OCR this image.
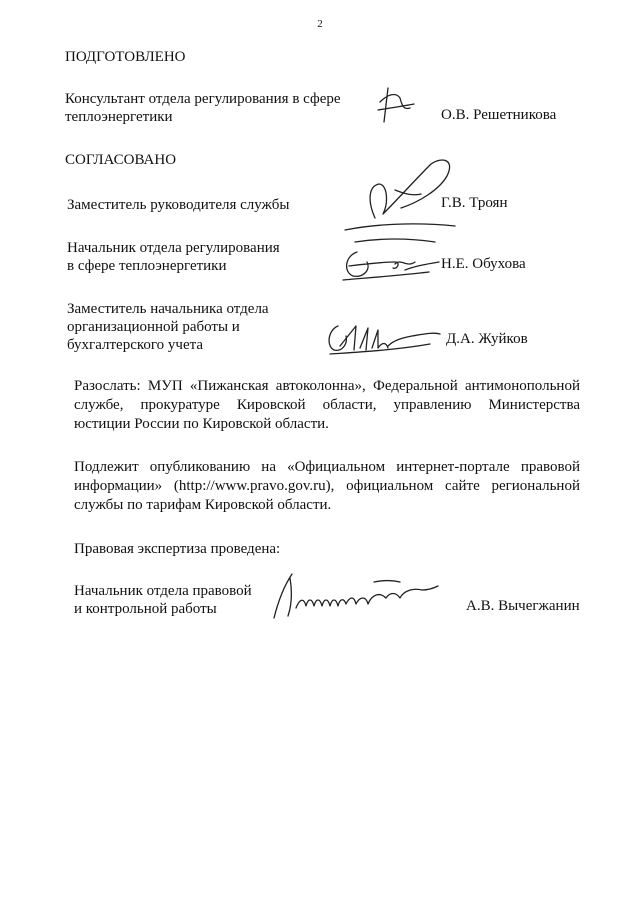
2
ПОДГОТОВЛЕНО
Консультант отдела регулирования в сфере
теплоэнергетики	О.В. Решетникова
СОГЛАСОВАНО
Заместитель руководителя службы	Г.В. Троян
Начальник отдела регулирования
в сфере теплоэнергетики	Н.Е. Обухова
Заместитель начальника отдела
организационной работы и
бухгалтерского учета	Д.А. Жуйков
Разослать: МУП «Пижанская автоколонна», Федеральной антимонопольной
службе, прокуратуре Кировской области, управлению Министерства
юстиции России по Кировской области.
Подлежит опубликованию на «Официальном интернет-портале правовой
информации» (http://www.pravo.gov.ru), официальном сайте региональной
службы по тарифам Кировской области.
Правовая экспертиза проведена:
Начальник отдела правовой
и контрольной работы	А.В. Вычегжанин
